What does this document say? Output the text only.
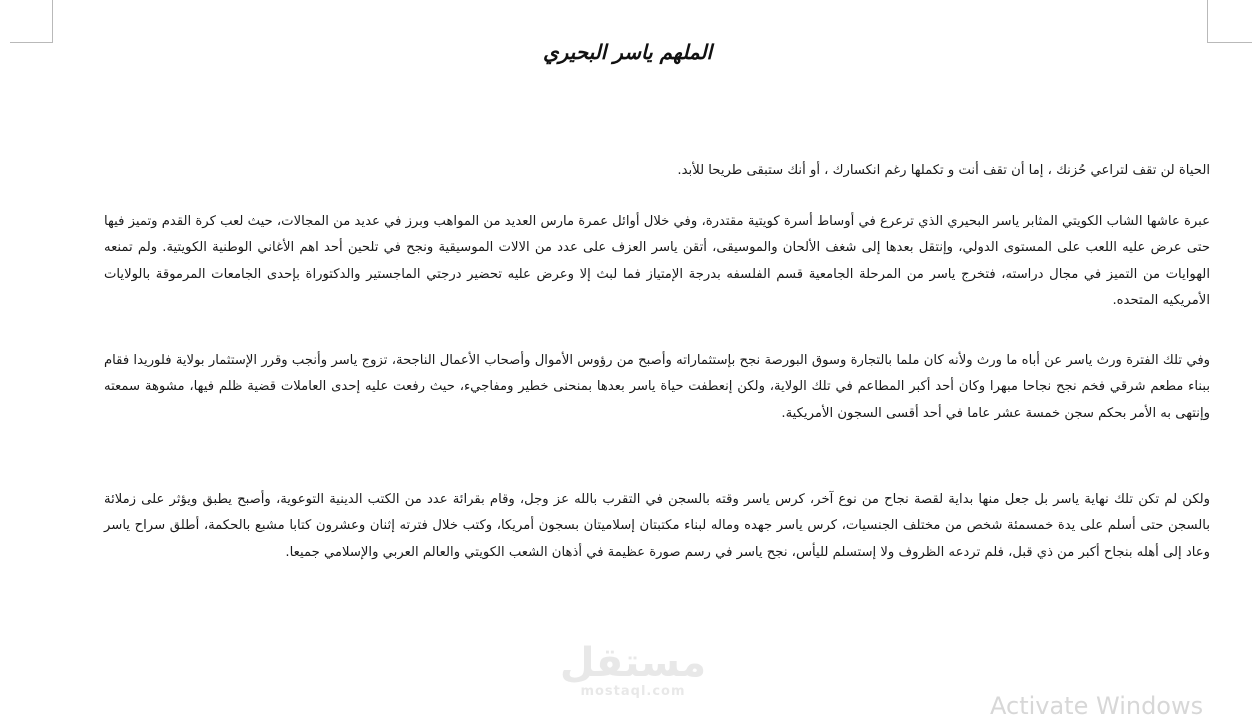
الملهم ياسر البحيري

الحياة لن تقف لتراعي حُزنك ، إما أن تقف أنت و تكملها رغم انكسارك ، أو أنك ستبقى طريحا للأبد.

عبرة عاشها الشاب الكويتي المثابر ياسر البحيري الذي ترعرع في أوساط أسرة كويتية مقتدرة، وفي خلال أوائل عمرة مارس العديد من المواهب وبرز في عديد من المجالات، حيث لعب كرة القدم وتميز فيها حتى عرض عليه اللعب على المستوى الدولي، وإنتقل بعدها إلى شغف الألحان والموسيقى، أتقن ياسر العزف على عدد من الالات الموسيقية ونجح في تلحين أحد اهم الأغاني الوطنية الكويتية. ولم تمنعه الهوايات من التميز في مجال دراسته، فتخرج ياسر من المرحلة الجامعية قسم الفلسفه بدرجة الإمتياز فما لبث إلا وعرض عليه تحضير درجتي الماجستير والدكتوراة بإحدى الجامعات المرموقة بالولايات الأمريكيه المتحده.

وفي تلك الفترة ورث ياسر عن أباه ما ورث ولأنه كان ملما بالتجارة وسوق البورصة نجح بإستثماراته وأصبح من رؤوس الأموال وأصحاب الأعمال الناجحة، تزوج ياسر وأنجب وقرر الإستثمار بولاية فلوريدا فقام ببناء مطعم شرقي فخم نجح نجاحا مبهرا وكان أحد أكبر المطاعم في تلك الولاية، ولكن إنعطفت حياة ياسر بعدها بمنحنى خطير ومفاجيء، حيث رفعت عليه إحدى العاملات قضية ظلم فيها، مشوهة سمعته وإنتهى به الأمر بحكم سجن خمسة عشر عاما في أحد أقسى السجون الأمريكية.

ولكن لم تكن تلك نهاية ياسر بل جعل منها بداية لقصة نجاح من نوع آخر، كرس ياسر وقته بالسجن في التقرب بالله عز وجل، وقام بقرائة عدد من الكتب الدينية التوعوية، وأصبح يطبق ويؤثر على زملائة بالسجن حتى أسلم على يدة خمسمئة شخص من مختلف الجنسيات، كرس ياسر جهده وماله لبناء مكتبتان إسلاميتان بسجون أمريكا، وكتب خلال فترته إثنان وعشرون كتابا مشبع بالحكمة، أطلق سراح ياسر وعاد إلى أهله بنجاح أكبر من ذي قبل، فلم تردعه الظروف ولا إستسلم لليأس، نجح ياسر في رسم صورة عظيمة في أذهان الشعب الكويتي والعالم العربي والإسلامي جميعا.

مستقل
mostaql.com
Activate Windows
